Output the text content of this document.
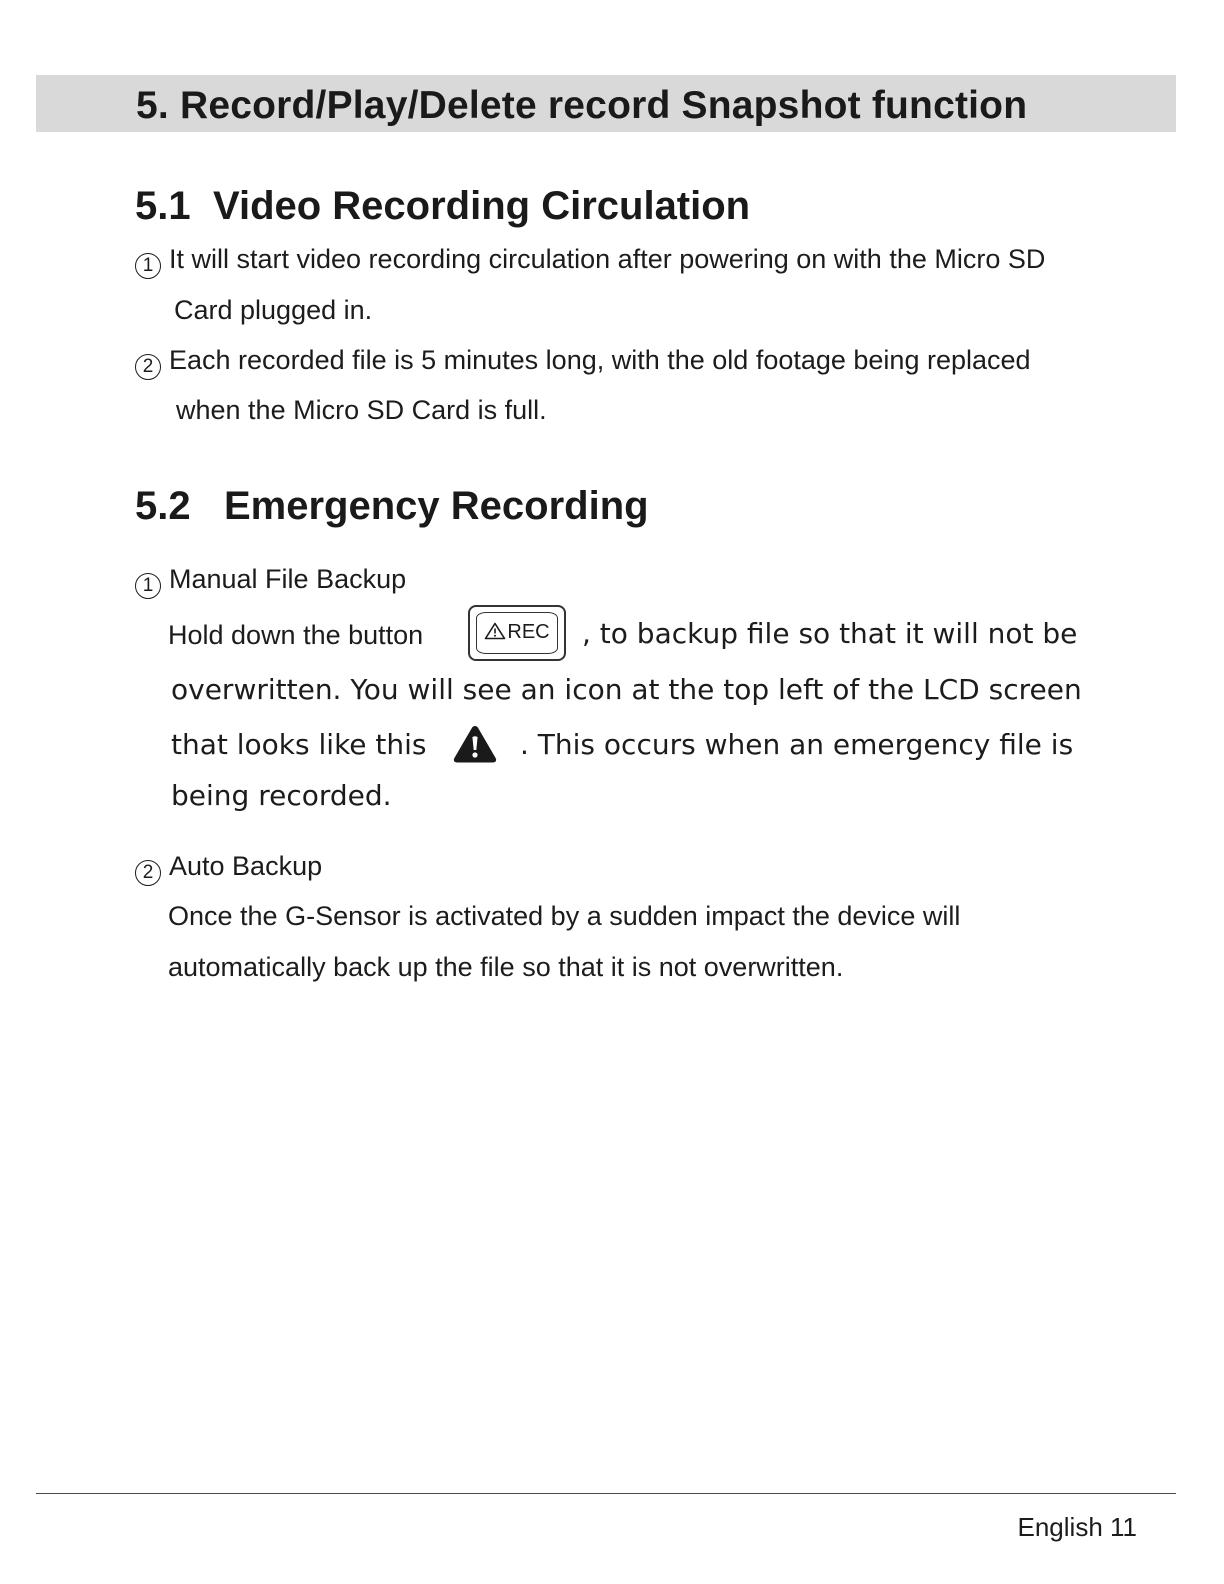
5. Record/Play/Delete record Snapshot function
5.1 Video Recording Circulation
1 It will start video recording circulation after powering on with the Micro SD
Card plugged in.
2 Each recorded file is 5 minutes long, with the old footage being replaced
when the Micro SD Card is full.
5.2 Emergency Recording
1 Manual File Backup
Hold down the button	REC	, to backup file so that it will not be
overwritten. You will see an icon at the top left of the LCD screen
that looks like this	. This occurs when an emergency file is
being recorded.
2 Auto Backup
Once the G-Sensor is activated by a sudden impact the device will
automatically back up the file so that it is not overwritten.
English 11
